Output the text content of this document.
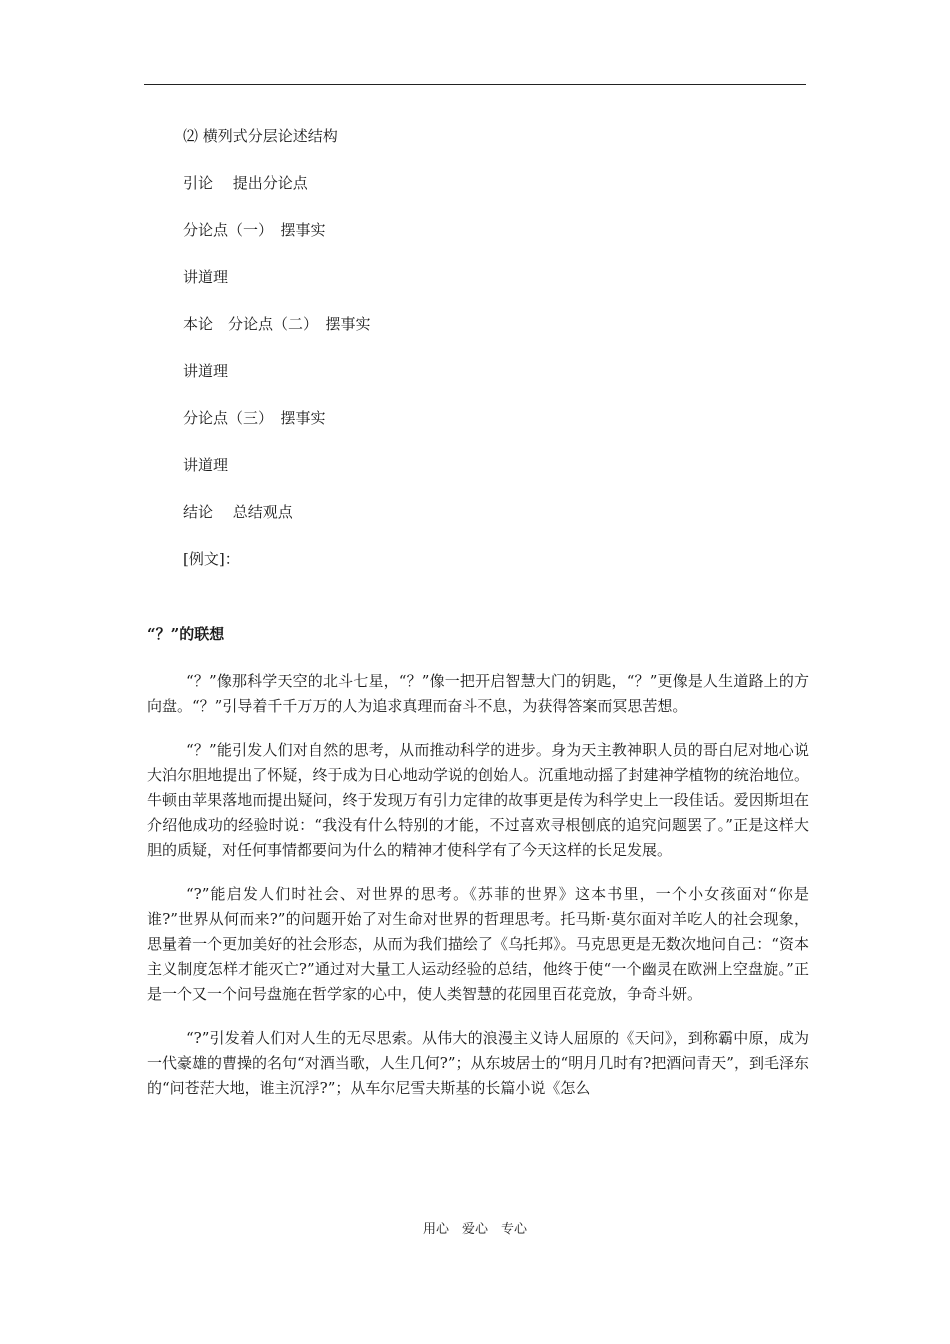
⑵ 横列式分层论述结构
引论　 提出分论点
分论点（一）　摆事实
讲道理
本论　分论点（二）　摆事实
讲道理
分论点（三）　摆事实
讲道理
结论　 总结观点
[例文]：
“？”的联想

“？”像那科学天空的北斗七星，“？”像一把开启智慧大门的钥匙，“？”更像是人生道路上的方向盘。“？”引导着千千万万的人为追求真理而奋斗不息，为获得答案而冥思苦想。

“？”能引发人们对自然的思考，从而推动科学的进步。身为天主教神职人员的哥白尼对地心说大泊尔胆地提出了怀疑，终于成为日心地动学说的创始人。沉重地动摇了封建神学植物的统治地位。牛顿由苹果落地而提出疑问，终于发现万有引力定律的故事更是传为科学史上一段佳话。爱因斯坦在介绍他成功的经验时说：“我没有什么特别的才能，不过喜欢寻根刨底的追究问题罢了。”正是这样大胆的质疑，对任何事情都要问为什么的精神才使科学有了今天这样的长足发展。

“?”能启发人们时社会、对世界的思考。《苏菲的世界》这本书里，一个小女孩面对“你是谁?”世界从何而来?”的问题开始了对生命对世界的哲理思考。托马斯·莫尔面对羊吃人的社会现象，思量着一个更加美好的社会形态，从而为我们描绘了《乌托邦》。马克思更是无数次地问自己：“资本主义制度怎样才能灭亡?”通过对大量工人运动经验的总结，他终于使“一个幽灵在欧洲上空盘旋。”正是一个又一个问号盘施在哲学家的心中，使人类智慧的花园里百花竞放，争奇斗妍。

“?”引发着人们对人生的无尽思索。从伟大的浪漫主义诗人屈原的《天问》，到称霸中原，成为一代豪雄的曹操的名句“对酒当歌，人生几何?”；从东坡居士的“明月几时有?把酒问青天”，到毛泽东的“问苍茫大地，谁主沉浮?”；从车尔尼雪夫斯基的长篇小说《怎么

用心　爱心　专心
